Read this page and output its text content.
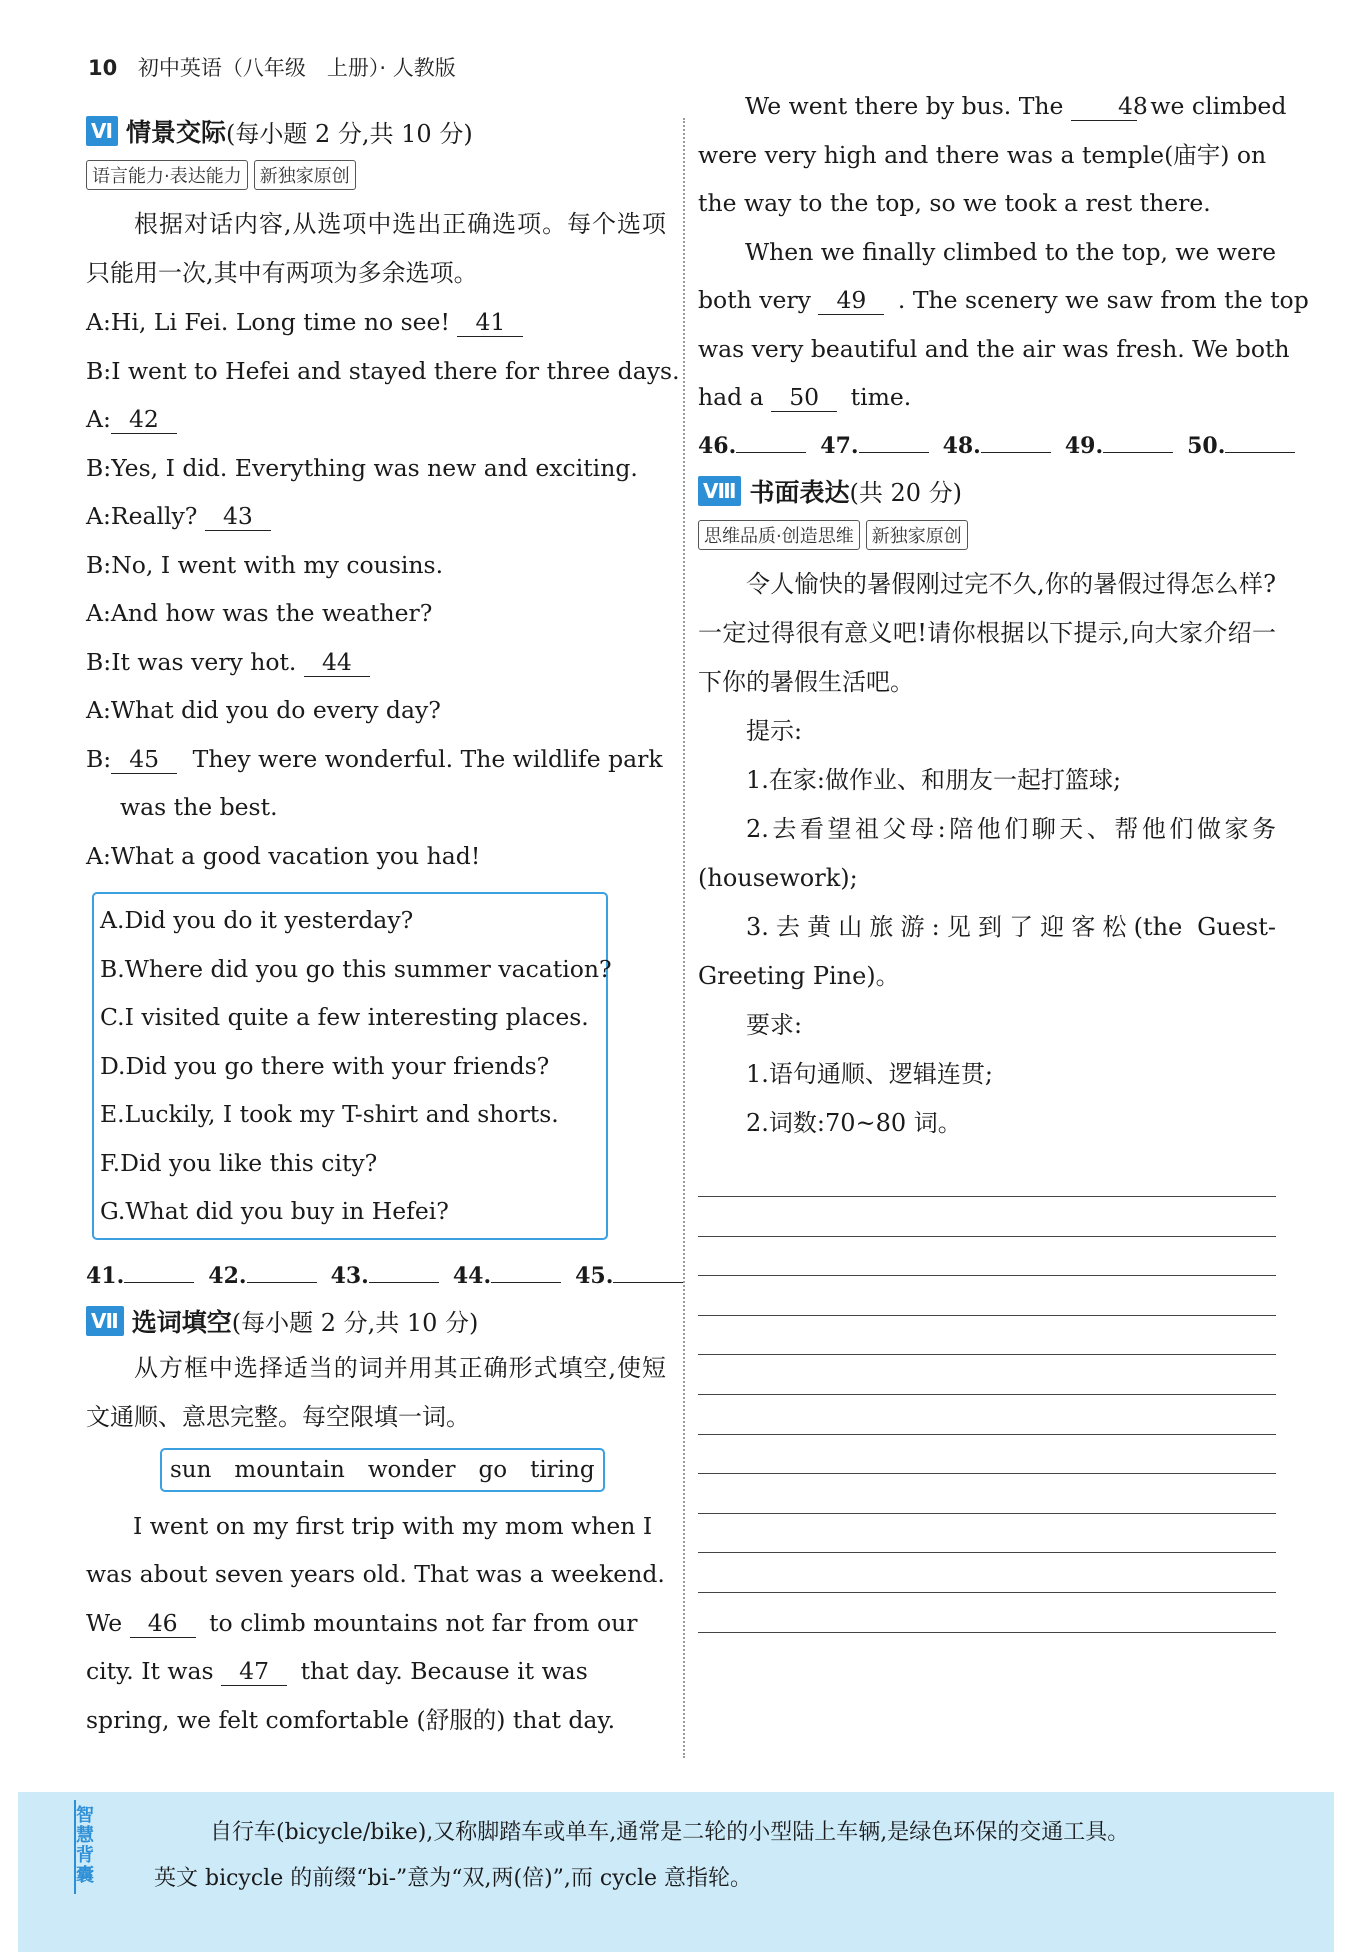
10 初中英语（八年级　上册）· 人教版
Ⅵ 情景交际 (每小题 2 分,共 10 分)
语言能力·表达能力 新独家原创

根据对话内容,从选项中选出正确选项。每个选项只能用一次,其中有两项为多余选项。

A:Hi, Li Fei. Long time no see! 41
B:I went to Hefei and stayed there for three days.
A: 42
B:Yes, I did. Everything was new and exciting.
A:Really? 43
B:No, I went with my cousins.
A:And how was the weather?
B:It was very hot. 44
A:What did you do every day?
B: 45 They were wonderful. The wildlife park
was the best.
A:What a good vacation you had!
A.Did you do it yesterday?
B.Where did you go this summer vacation?
C.I visited quite a few interesting places.
D.Did you go there with your friends?
E.Luckily, I took my T-shirt and shorts.
F.Did you like this city?
G.What did you buy in Hefei?
41.	42.	43.	44.	45.
Ⅶ 选词填空 (每小题 2 分,共 10 分)

从方框中选择适当的词并用其正确形式填空,使短文通顺、意思完整。每空限填一词。

sun　mountain　wonder　go　tiring
I went on my first trip with my mom when I
was about seven years old. That was a weekend.
We 46 to climb mountains not far from our
city. It was 47 that day. Because it was
spring, we felt comfortable (舒服的) that day.
We went there by bus. The 48 we climbed
were very high and there was a temple(庙宇) on
the way to the top, so we took a rest there.
When we finally climbed to the top, we were
both very 49 . The scenery we saw from the top
was very beautiful and the air was fresh. We both
had a 50 time.
46.	47.	48.	49.	50.
Ⅷ 书面表达 (共 20 分)
思维品质·创造思维 新独家原创

令人愉快的暑假刚过完不久,你的暑假过得怎么样?一定过得很有意义吧!请你根据以下提示,向大家介绍一下你的暑假生活吧。

提示:

1.在家:做作业、和朋友一起打篮球;

2.去看望祖父母:陪他们聊天、帮他们做家务(housework);

3.去黄山旅游:见到了迎客松(the Guest-Greeting Pine)。

要求:

1.语句通顺、逻辑连贯;

2.词数:70~80 词。

智慧背囊

自行车(bicycle/bike),又称脚踏车或单车,通常是二轮的小型陆上车辆,是绿色环保的交通工具。

英文 bicycle 的前缀“bi-”意为“双,两(倍)”,而 cycle 意指轮。
